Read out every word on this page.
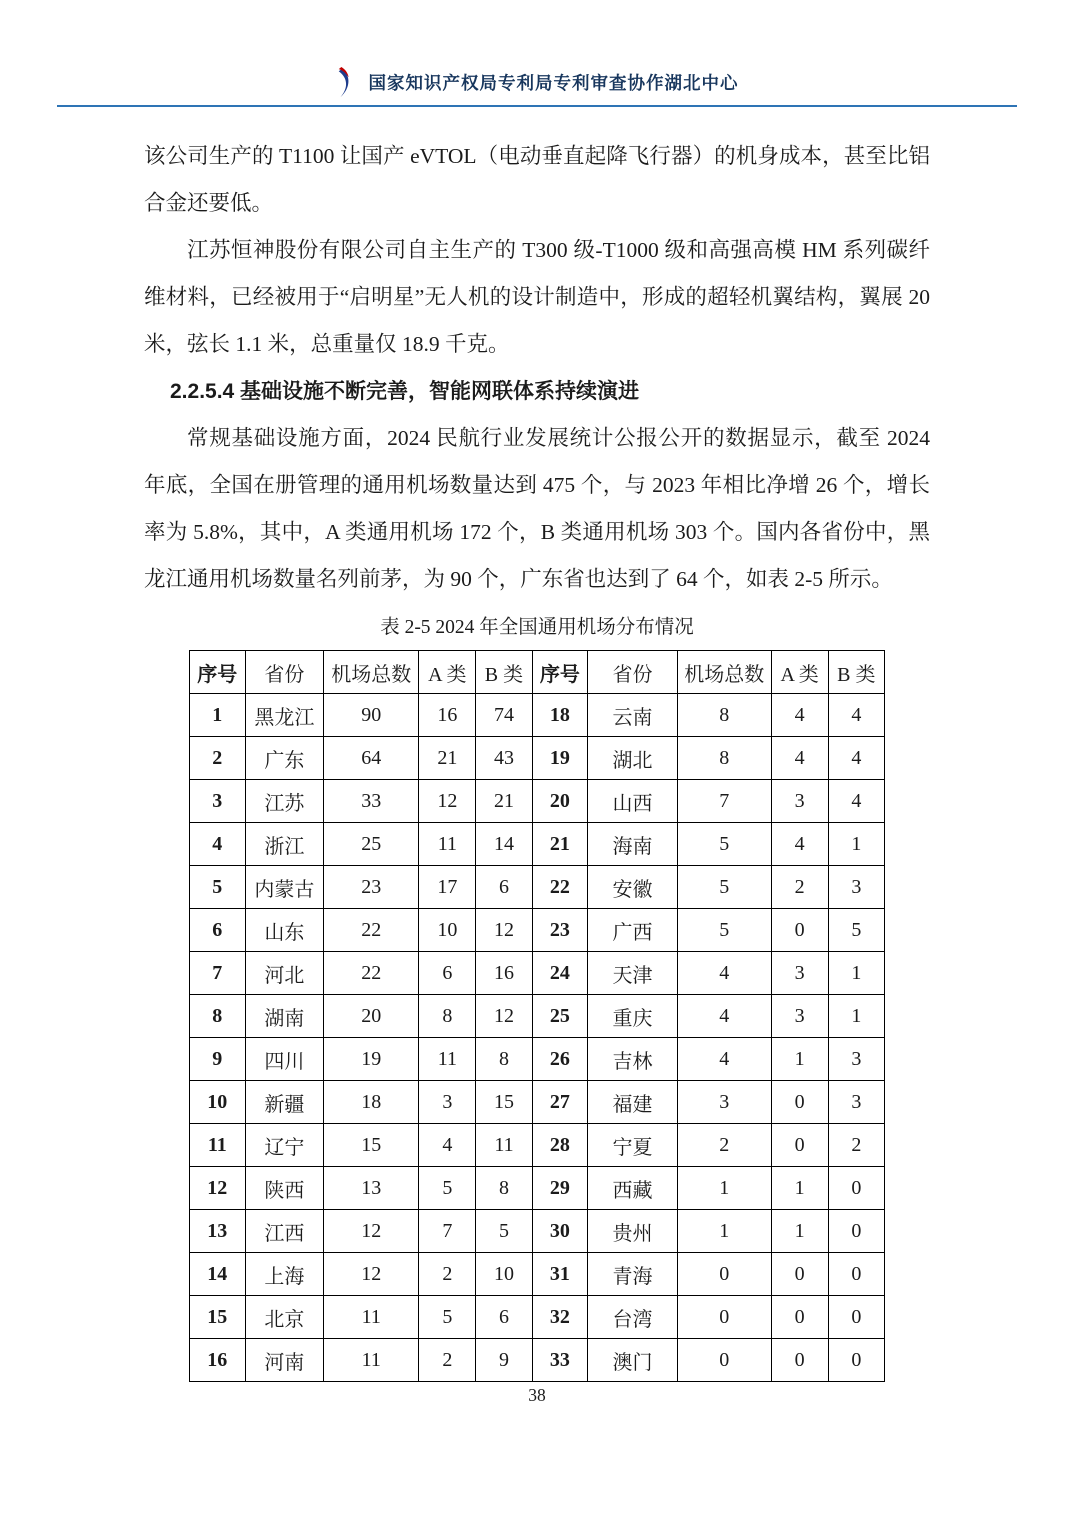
国家知识产权局专利局专利审查协作湖北中心

该公司生产的 T1100 让国产 eVTOL（电动垂直起降飞行器）的机身成本，甚至比铝合金还要低。

江苏恒神股份有限公司自主生产的 T300 级-T1000 级和高强高模 HM 系列碳纤维材料，已经被用于“启明星”无人机的设计制造中，形成的超轻机翼结构，翼展 20 米，弦长 1.1 米，总重量仅 18.9 千克。

2.2.5.4 基础设施不断完善，智能网联体系持续演进

常规基础设施方面，2024 民航行业发展统计公报公开的数据显示，截至 2024 年底，全国在册管理的通用机场数量达到 475 个，与 2023 年相比净增 26 个，增长率为 5.8%，其中，A 类通用机场 172 个，B 类通用机场 303 个。国内各省份中，黑龙江通用机场数量名列前茅，为 90 个，广东省也达到了 64 个，如表 2-5 所示。

表 2-5 2024 年全国通用机场分布情况
序号	省份	机场总数	A 类	B 类	序号	省份	机场总数	A 类	B 类
1	黑龙江	90	16	74	18	云南	8	4	4
2	广东	64	21	43	19	湖北	8	4	4
3	江苏	33	12	21	20	山西	7	3	4
4	浙江	25	11	14	21	海南	5	4	1
5	内蒙古	23	17	6	22	安徽	5	2	3
6	山东	22	10	12	23	广西	5	0	5
7	河北	22	6	16	24	天津	4	3	1
8	湖南	20	8	12	25	重庆	4	3	1
9	四川	19	11	8	26	吉林	4	1	3
10	新疆	18	3	15	27	福建	3	0	3
11	辽宁	15	4	11	28	宁夏	2	0	2
12	陕西	13	5	8	29	西藏	1	1	0
13	江西	12	7	5	30	贵州	1	1	0
14	上海	12	2	10	31	青海	0	0	0
15	北京	11	5	6	32	台湾	0	0	0
16	河南	11	2	9	33	澳门	0	0	0
38
